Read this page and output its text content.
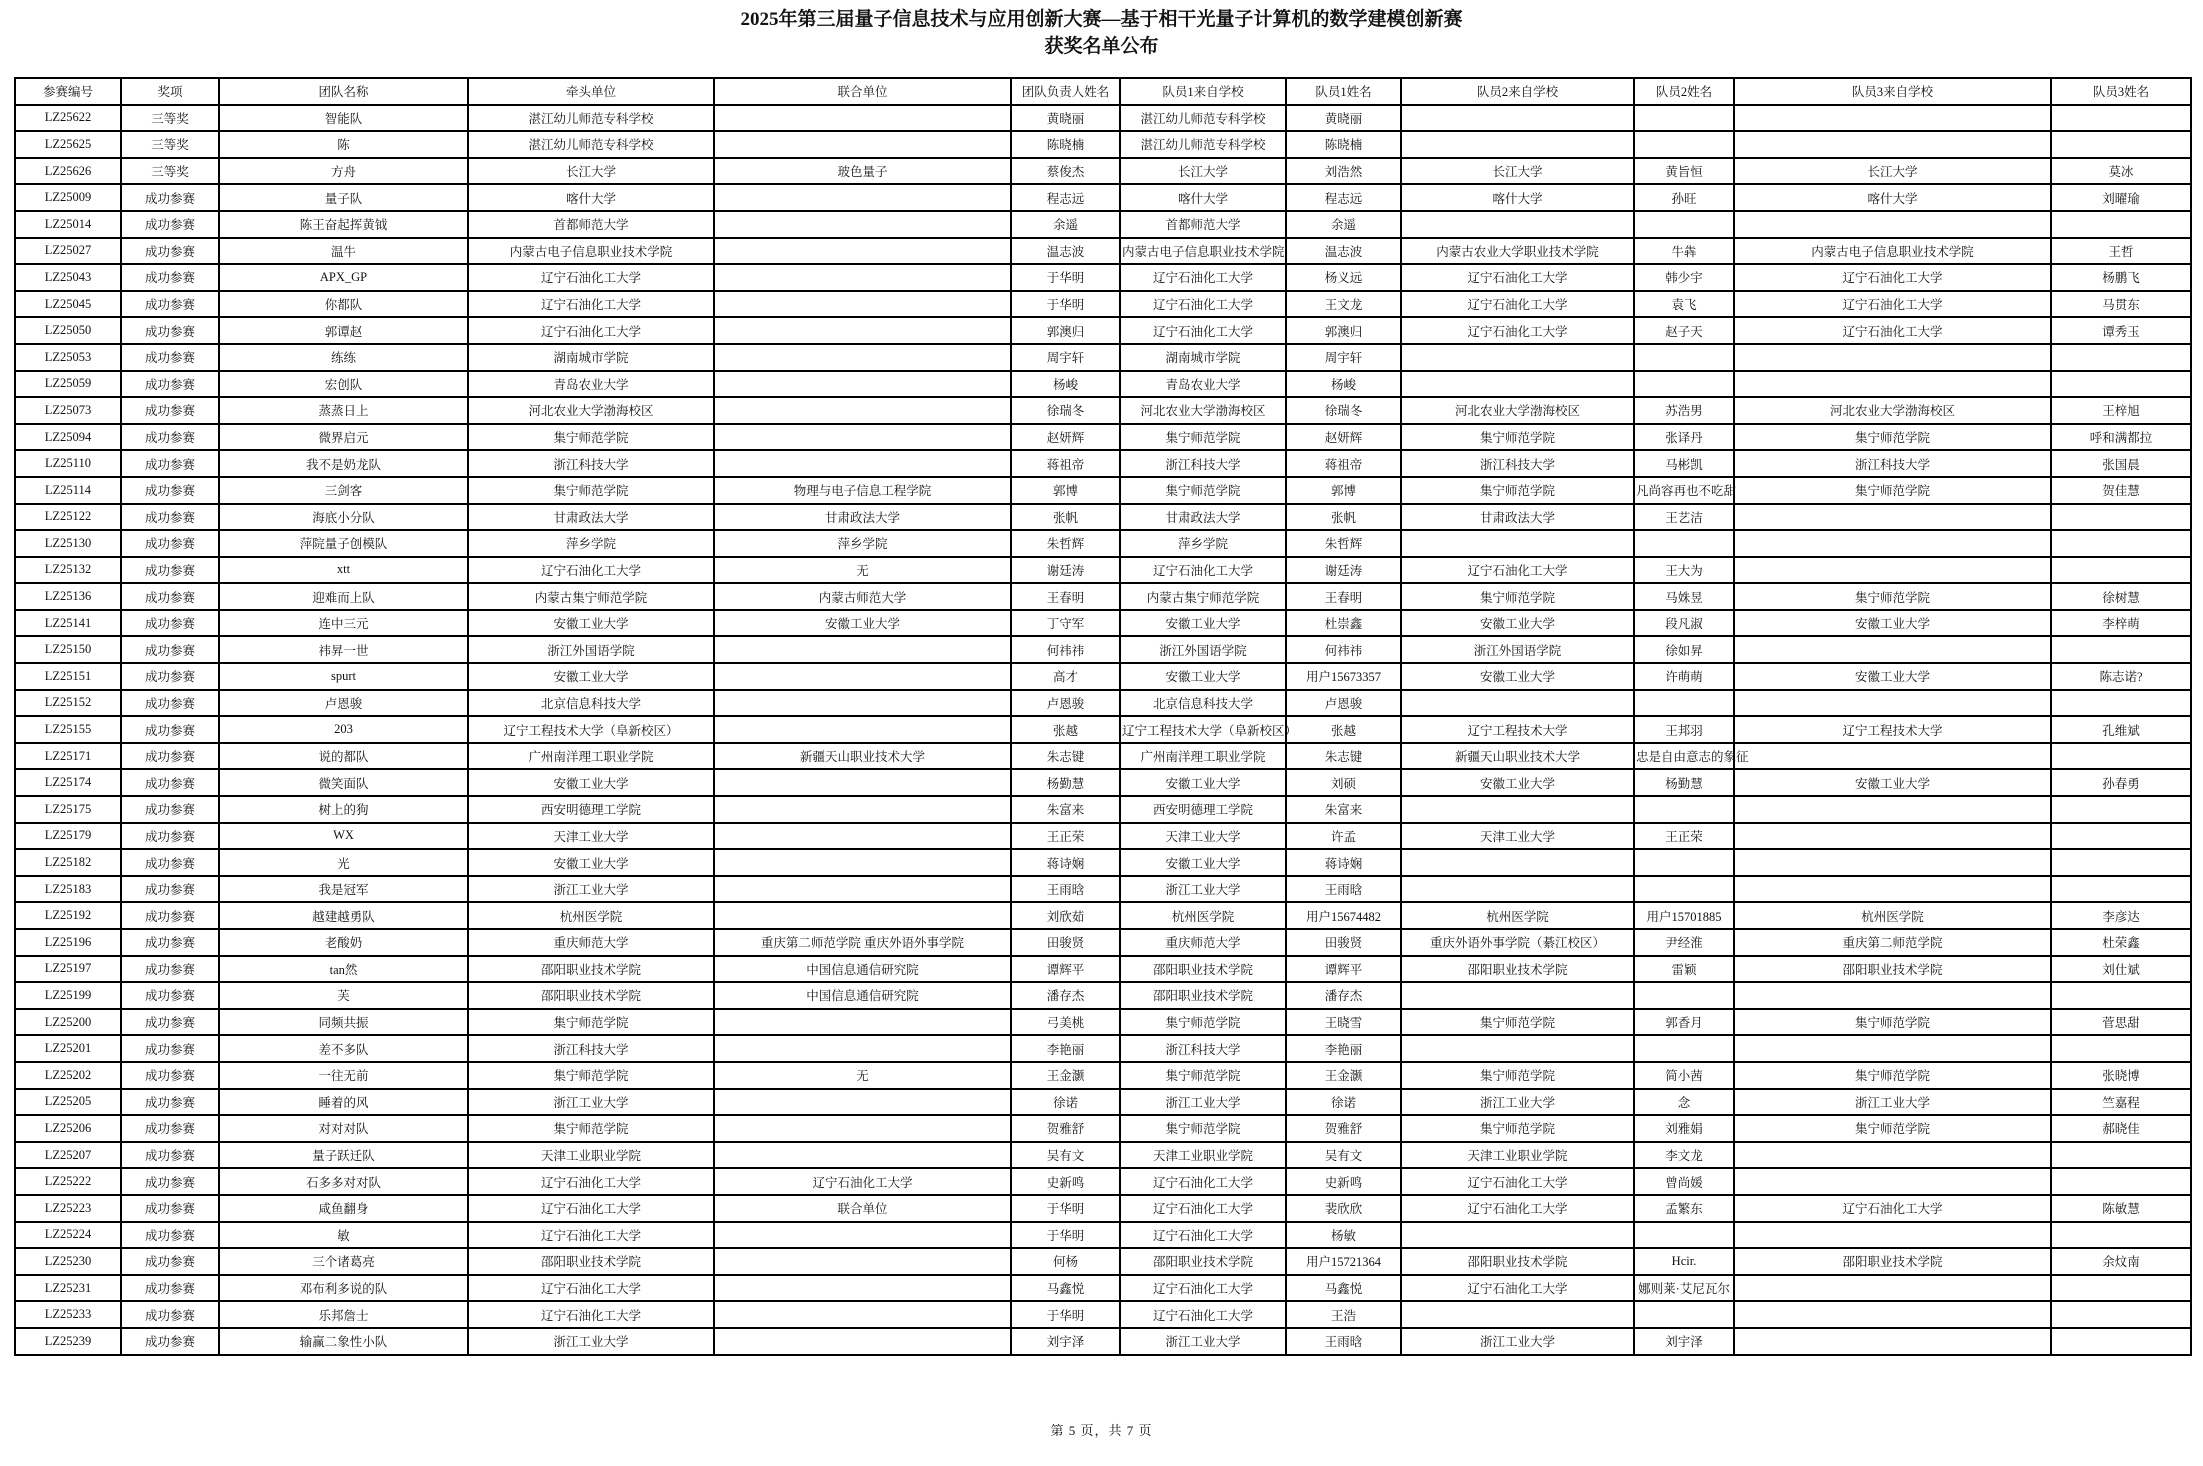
2025年第三届量子信息技术与应用创新大赛—基于相干光量子计算机的数学建模创新赛
获奖名单公布
参赛编号	奖项	团队名称	牵头单位	联合单位	团队负责人姓名	队员1来自学校	队员1姓名	队员2来自学校	队员2姓名	队员3来自学校	队员3姓名
LZ25622	三等奖	智能队	湛江幼儿师范专科学校		黄晓丽	湛江幼儿师范专科学校	黄晓丽				
LZ25625	三等奖	陈	湛江幼儿师范专科学校		陈晓楠	湛江幼儿师范专科学校	陈晓楠				
LZ25626	三等奖	方舟	长江大学	玻色量子	蔡俊杰	长江大学	刘浩然	长江大学	黄旨恒	长江大学	莫冰
LZ25009	成功参赛	量子队	喀什大学		程志远	喀什大学	程志远	喀什大学	孙旺	喀什大学	刘曜瑜
LZ25014	成功参赛	陈王奋起挥黄钺	首都师范大学		余遥	首都师范大学	余遥				
LZ25027	成功参赛	温牛	内蒙古电子信息职业技术学院		温志波	内蒙古电子信息职业技术学院	温志波	内蒙古农业大学职业技术学院	牛犇	内蒙古电子信息职业技术学院	王哲
LZ25043	成功参赛	APX_GP	辽宁石油化工大学		于华明	辽宁石油化工大学	杨义远	辽宁石油化工大学	韩少宇	辽宁石油化工大学	杨鹏飞
LZ25045	成功参赛	你都队	辽宁石油化工大学		于华明	辽宁石油化工大学	王文龙	辽宁石油化工大学	袁飞	辽宁石油化工大学	马贯东
LZ25050	成功参赛	郭谭赵	辽宁石油化工大学		郭澳归	辽宁石油化工大学	郭澳归	辽宁石油化工大学	赵子天	辽宁石油化工大学	谭秀玉
LZ25053	成功参赛	练练	湖南城市学院		周宇轩	湖南城市学院	周宇轩				
LZ25059	成功参赛	宏创队	青岛农业大学		杨峻	青岛农业大学	杨峻				
LZ25073	成功参赛	蒸蒸日上	河北农业大学渤海校区		徐瑞冬	河北农业大学渤海校区	徐瑞冬	河北农业大学渤海校区	苏浩男	河北农业大学渤海校区	王梓旭
LZ25094	成功参赛	微界启元	集宁师范学院		赵妍辉	集宁师范学院	赵妍辉	集宁师范学院	张译丹	集宁师范学院	呼和满都拉
LZ25110	成功参赛	我不是奶龙队	浙江科技大学		蒋祖帝	浙江科技大学	蒋祖帝	浙江科技大学	马彬凯	浙江科技大学	张国晨
LZ25114	成功参赛	三剑客	集宁师范学院	物理与电子信息工程学院	郭博	集宁师范学院	郭博	集宁师范学院	凡尚容再也不吃甜	集宁师范学院	贺佳慧
LZ25122	成功参赛	海底小分队	甘肃政法大学	甘肃政法大学	张帆	甘肃政法大学	张帆	甘肃政法大学	王艺洁		
LZ25130	成功参赛	萍院量子创模队	萍乡学院	萍乡学院	朱哲辉	萍乡学院	朱哲辉				
LZ25132	成功参赛	xtt	辽宁石油化工大学	无	谢廷涛	辽宁石油化工大学	谢廷涛	辽宁石油化工大学	王大为		
LZ25136	成功参赛	迎难而上队	内蒙古集宁师范学院	内蒙古师范大学	王春明	内蒙古集宁师范学院	王春明	集宁师范学院	马姝昱	集宁师范学院	徐树慧
LZ25141	成功参赛	连中三元	安徽工业大学	安徽工业大学	丁守军	安徽工业大学	杜崇鑫	安徽工业大学	段凡淑	安徽工业大学	李梓萌
LZ25150	成功参赛	祎昇一世	浙江外国语学院		何祎祎	浙江外国语学院	何祎祎	浙江外国语学院	徐如昇		
LZ25151	成功参赛	spurt	安徽工业大学		高才	安徽工业大学	用户15673357	安徽工业大学	许萌萌	安徽工业大学	陈志诺?
LZ25152	成功参赛	卢恩骏	北京信息科技大学		卢恩骏	北京信息科技大学	卢恩骏				
LZ25155	成功参赛	203	辽宁工程技术大学（阜新校区）		张越	辽宁工程技术大学（阜新校区）	张越	辽宁工程技术大学	王邦羽	辽宁工程技术大学	孔维斌
LZ25171	成功参赛	说的都队	广州南洋理工职业学院	新疆天山职业技术大学	朱志键	广州南洋理工职业学院	朱志键	新疆天山职业技术大学	忠是自由意志的象征		
LZ25174	成功参赛	微笑面队	安徽工业大学		杨勤慧	安徽工业大学	刘硕	安徽工业大学	杨勤慧	安徽工业大学	孙春勇
LZ25175	成功参赛	树上的狗	西安明德理工学院		朱富来	西安明德理工学院	朱富来				
LZ25179	成功参赛	WX	天津工业大学		王正荣	天津工业大学	许孟	天津工业大学	王正荣		
LZ25182	成功参赛	光	安徽工业大学		蒋诗娴	安徽工业大学	蒋诗娴				
LZ25183	成功参赛	我是冠军	浙江工业大学		王雨晗	浙江工业大学	王雨晗				
LZ25192	成功参赛	越建越勇队	杭州医学院		刘欣茹	杭州医学院	用户15674482	杭州医学院	用户15701885	杭州医学院	李彦达
LZ25196	成功参赛	老酸奶	重庆师范大学	重庆第二师范学院 重庆外语外事学院	田骏贤	重庆师范大学	田骏贤	重庆外语外事学院（綦江校区）	尹经淮	重庆第二师范学院	杜荣鑫
LZ25197	成功参赛	tan然	邵阳职业技术学院	中国信息通信研究院	谭辉平	邵阳职业技术学院	谭辉平	邵阳职业技术学院	雷颖	邵阳职业技术学院	刘仕斌
LZ25199	成功参赛	芙	邵阳职业技术学院	中国信息通信研究院	潘存杰	邵阳职业技术学院	潘存杰				
LZ25200	成功参赛	同频共振	集宁师范学院		弓美桃	集宁师范学院	王晓雪	集宁师范学院	郭香月	集宁师范学院	菅思甜
LZ25201	成功参赛	差不多队	浙江科技大学		李艳丽	浙江科技大学	李艳丽				
LZ25202	成功参赛	一往无前	集宁师范学院	无	王金灏	集宁师范学院	王金灏	集宁师范学院	简小茜	集宁师范学院	张晓博
LZ25205	成功参赛	睡着的风	浙江工业大学		徐诺	浙江工业大学	徐诺	浙江工业大学	念	浙江工业大学	竺嘉程
LZ25206	成功参赛	对对对队	集宁师范学院		贺雅舒	集宁师范学院	贺雅舒	集宁师范学院	刘雅娟	集宁师范学院	郝晓佳
LZ25207	成功参赛	量子跃迁队	天津工业职业学院		吴有文	天津工业职业学院	吴有文	天津工业职业学院	李文龙		
LZ25222	成功参赛	石多多对对队	辽宁石油化工大学	辽宁石油化工大学	史新鸣	辽宁石油化工大学	史新鸣	辽宁石油化工大学	曾尚媛		
LZ25223	成功参赛	咸鱼翻身	辽宁石油化工大学	联合单位	于华明	辽宁石油化工大学	裴欣欣	辽宁石油化工大学	孟繁东	辽宁石油化工大学	陈敏慧
LZ25224	成功参赛	敏	辽宁石油化工大学		于华明	辽宁石油化工大学	杨敏				
LZ25230	成功参赛	三个诸葛亮	邵阳职业技术学院		何杨	邵阳职业技术学院	用户15721364	邵阳职业技术学院	Hcir.	邵阳职业技术学院	余炆南
LZ25231	成功参赛	邓布利多说的队	辽宁石油化工大学		马鑫悦	辽宁石油化工大学	马鑫悦	辽宁石油化工大学	娜则莱·艾尼瓦尔		
LZ25233	成功参赛	乐邦詹士	辽宁石油化工大学		于华明	辽宁石油化工大学	王浩				
LZ25239	成功参赛	输赢二象性小队	浙江工业大学		刘宇泽	浙江工业大学	王雨晗	浙江工业大学	刘宇泽		
第 5 页，共 7 页
